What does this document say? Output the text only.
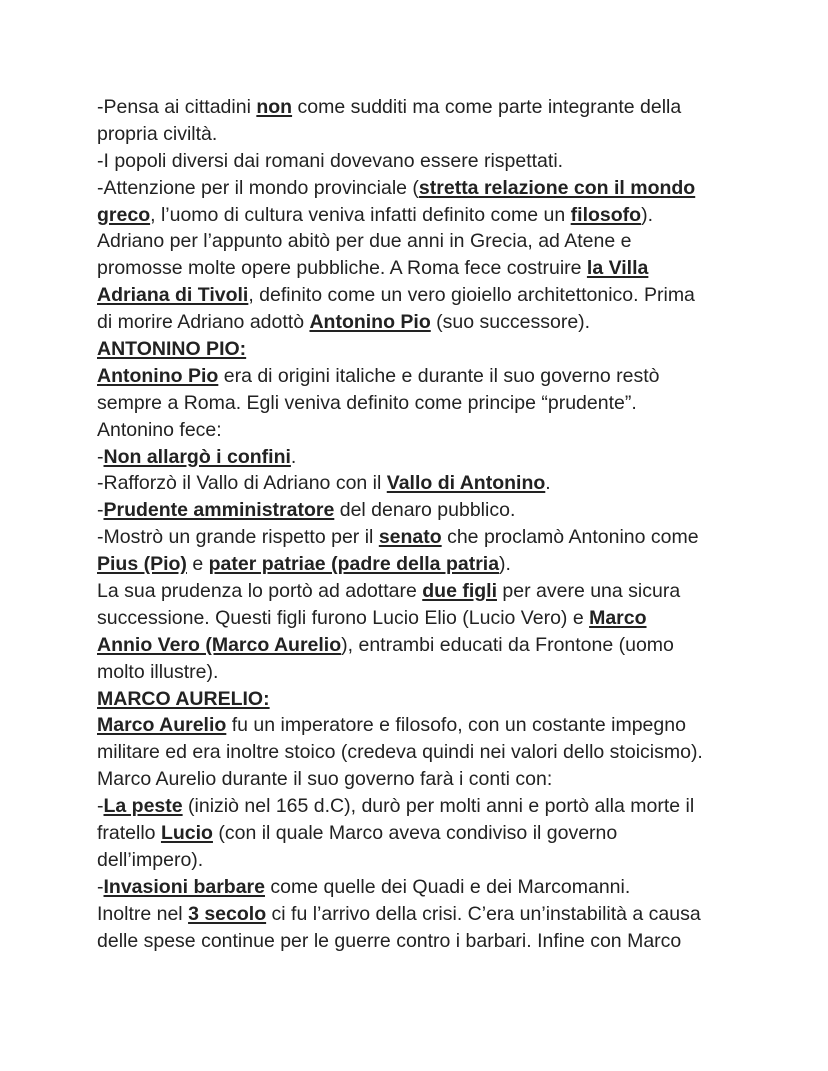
-Pensa ai cittadini non come sudditi ma come parte integrante della
propria civiltà.
-I popoli diversi dai romani dovevano essere rispettati.
-Attenzione per il mondo provinciale (stretta relazione con il mondo
greco, l’uomo di cultura veniva infatti definito come un filosofo).
Adriano per l’appunto abitò per due anni in Grecia, ad Atene e
promosse molte opere pubbliche. A Roma fece costruire la Villa
Adriana di Tivoli, definito come un vero gioiello architettonico. Prima
di morire Adriano adottò Antonino Pio (suo successore).
ANTONINO PIO:
Antonino Pio era di origini italiche e durante il suo governo restò
sempre a Roma. Egli veniva definito come principe “prudente”.
Antonino fece:
-Non allargò i confini.
-Rafforzò il Vallo di Adriano con il Vallo di Antonino.
-Prudente amministratore del denaro pubblico.
-Mostrò un grande rispetto per il senato che proclamò Antonino come
Pius (Pio) e pater patriae (padre della patria).
La sua prudenza lo portò ad adottare due figli per avere una sicura
successione. Questi figli furono Lucio Elio (Lucio Vero) e Marco
Annio Vero (Marco Aurelio), entrambi educati da Frontone (uomo
molto illustre).
MARCO AURELIO:
Marco Aurelio fu un imperatore e filosofo, con un costante impegno
militare ed era inoltre stoico (credeva quindi nei valori dello stoicismo).
Marco Aurelio durante il suo governo farà i conti con:
-La peste (iniziò nel 165 d.C), durò per molti anni e portò alla morte il
fratello Lucio (con il quale Marco aveva condiviso il governo
dell’impero).
-Invasioni barbare come quelle dei Quadi e dei Marcomanni.
Inoltre nel 3 secolo ci fu l’arrivo della crisi. C’era un’instabilità a causa
delle spese continue per le guerre contro i barbari. Infine con Marco
